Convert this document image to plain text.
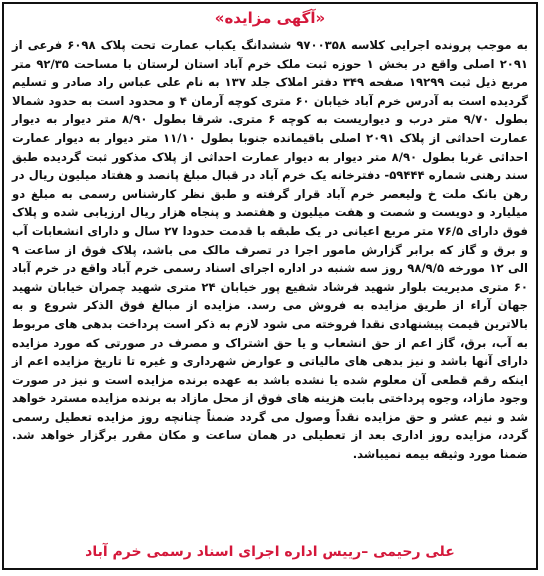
«آگهی مزایده»
به موجب پرونده اجرایی کلاسه ۹۷۰۰۳۵۸ ششدانگ یکباب عمارت تحت پلاک ۶۰۹۸ فرعی از ۲۰۹۱ اصلی واقع در بخش ۱ حوزه ثبت ملک خرم آباد استان لرستان با مساحت ۹۲/۳۵ متر مربع ذیل ثبت ۱۹۲۹۹ صفحه ۳۴۹ دفتر املاک جلد ۱۳۷ به نام علی عباس راد صادر و تسلیم گردیده است به آدرس خرم آباد خیابان ۶۰ متری کوچه آرمان ۴ و محدود است به حدود شمالا بطول ۹/۷۰ متر درب و دیواریست به کوچه ۶ متری. شرقا بطول ۸/۹۰ متر دیوار به دیوار عمارت احداثی از پلاک ۲۰۹۱ اصلی باقیمانده جنوبا بطول ۱۱/۱۰ متر دیوار به دیوار عمارت احداثی غربا بطول ۸/۹۰ متر دیوار به دیوار عمارت احداثی از پلاک مذکور ثبت گردیده طبق سند رهنی شماره ۵۹۴۴۴- دفترخانه یک خرم آباد در قبال مبلغ پانصد و هفتاد میلیون ریال در رهن بانک ملت خ ولیعصر خرم آباد قرار گرفته و طبق نظر کارشناس رسمی به مبلغ دو میلیارد و دویست و شصت و هفت میلیون و هفتصد و پنجاه هزار ریال ارزیابی شده و پلاک فوق دارای ۷۶/۵ متر مربع اعیانی در یک طبقه با قدمت حدودا ۲۷ سال و دارای انشعابات آب و برق و گاز که برابر گزارش مامور اجرا در تصرف مالک می باشد، پلاک فوق از ساعت ۹ الی ۱۲ مورخه ۹۸/۹/۵ روز سه شنبه در اداره اجرای اسناد رسمی خرم آباد واقع در خرم آباد ۶۰ متری مدیریت بلوار شهید فرشاد شفیع پور خیابان ۲۴ متری شهید چمران خیابان شهید جهان آراء از طریق مزایده به فروش می رسد. مزایده از مبالغ فوق الذکر شروع و به بالاترین قیمت پیشنهادی نقدا فروخته می شود لازم به ذکر است پرداخت بدهی های مربوط به آب، برق، گاز اعم از حق انشعاب و یا حق اشتراک و مصرف در صورتی که مورد مزایده دارای آنها باشد و نیز بدهی های مالیاتی و عوارض شهرداری و غیره تا تاریخ مزایده اعم از اینکه رقم قطعی آن معلوم شده یا نشده باشد به عهده برنده مزایده است و نیز در صورت وجود مازاد، وجوه پرداختی بابت هزینه های فوق از محل مازاد به برنده مزایده مسترد خواهد شد و نیم عشر و حق مزایده نقداً وصول می گردد ضمناً چنانچه روز مزایده تعطیل رسمی گردد، مزایده روز اداری بعد از تعطیلی در همان ساعت و مکان مقرر برگزار خواهد شد. ضمنا مورد وثیقه بیمه نمیباشد.
علی رحیمی –رییس اداره اجرای اسناد رسمی خرم آباد
